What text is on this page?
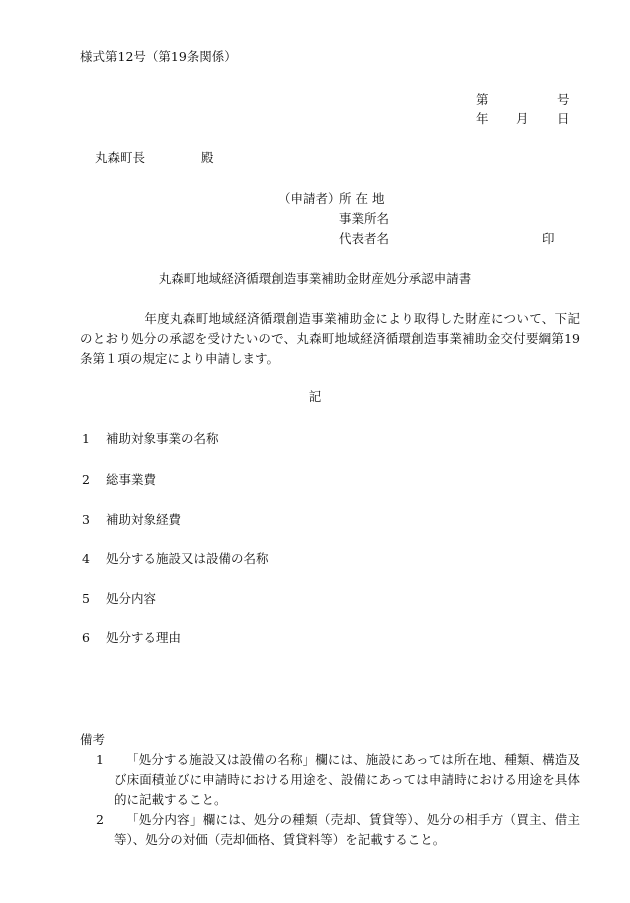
様式第12号（第19条関係）
第	号
年 月 日
丸森町長	殿
（申請者）
所在地
事業所名
代表者名	印
丸森町地域経済循環創造事業補助金財産処分承認申請書

年度丸森町地域経済循環創造事業補助金により取得した財産について、下記のとおり処分の承認を受けたいので、丸森町地域経済循環創造事業補助金交付要綱第19条第１項の規定により申請します。

記
1 補助対象事業の名称
2 総事業費
3 補助対象経費
4 処分する施設又は設備の名称
5 処分内容
6 処分する理由
備考
1	「処分する施設又は設備の名称」欄には、施設にあっては所在地、種類、構造及び床面積並びに申請時における用途を、設備にあっては申請時における用途を具体的に記載すること。
2	「処分内容」欄には、処分の種類（売却、賃貸等）、処分の相手方（買主、借主等）、処分の対価（売却価格、賃貸料等）を記載すること。
